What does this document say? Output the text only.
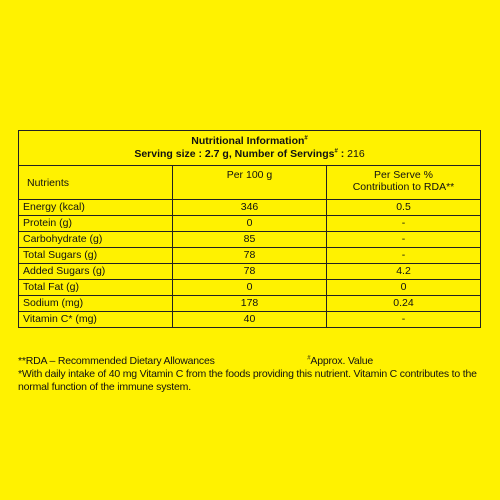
Nutritional Information#
Serving size : 2.7 g, Number of Servings# : 216		
Nutrients	Per 100 g	Per Serve %
Contribution to RDA**
Energy (kcal)	346	0.5
Protein (g)	0	-
Carbohydrate (g)	85	-
Total Sugars (g)	78	-
Added Sugars (g)	78	4.2
Total Fat (g)	0	0
Sodium (mg)	178	0.24
Vitamin C* (mg)	40	-
**RDA – Recommended Dietary Allowances	#Approx. Value
*With daily intake of 40 mg Vitamin C from the foods providing this nutrient. Vitamin C contributes to the normal function of the immune system.
